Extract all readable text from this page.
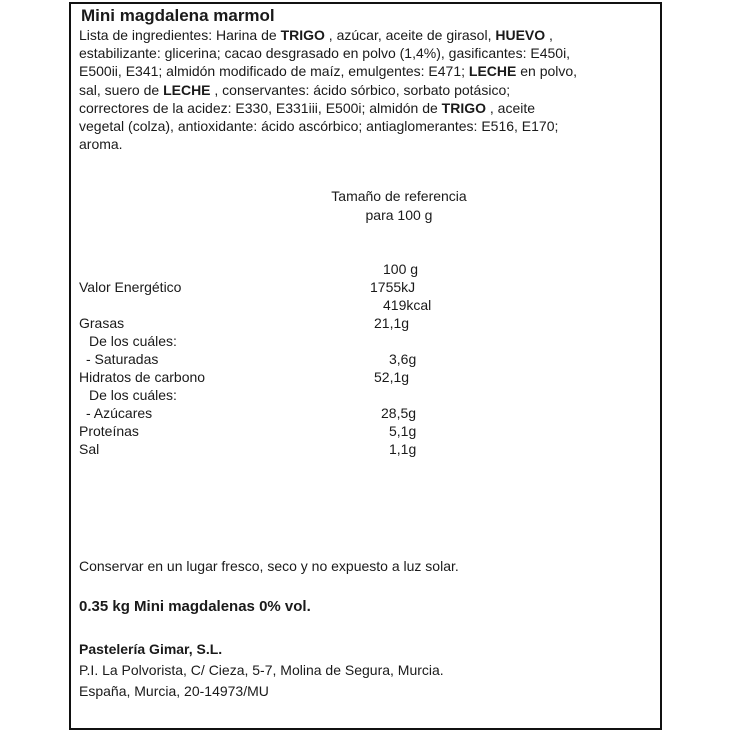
Mini magdalena marmol
Lista de ingredientes: Harina de TRIGO , azúcar, aceite de girasol, HUEVO ,
estabilizante: glicerina; cacao desgrasado en polvo (1,4%), gasificantes: E450i,
E500ii, E341; almidón modificado de maíz, emulgentes: E471; LECHE en polvo,
sal, suero de LECHE , conservantes: ácido sórbico, sorbato potásico;
correctores de la acidez: E330, E331iii, E500i; almidón de TRIGO , aceite
vegetal (colza), antioxidante: ácido ascórbico; antiaglomerantes: E516, E170;
aroma.
Tamaño de referencia
para 100 g
100 g
Valor Energético	1755kJ
419kcal
Grasas	21,1g
De los cuáles:
- Saturadas	3,6g
Hidratos de carbono	52,1g
De los cuáles:
- Azúcares	28,5g
Proteínas	5,1g
Sal	1,1g
Conservar en un lugar fresco, seco y no expuesto a luz solar.
0.35 kg Mini magdalenas 0% vol.
Pastelería Gimar, S.L.
P.I. La Polvorista, C/ Cieza, 5-7, Molina de Segura, Murcia.
España, Murcia, 20-14973/MU
